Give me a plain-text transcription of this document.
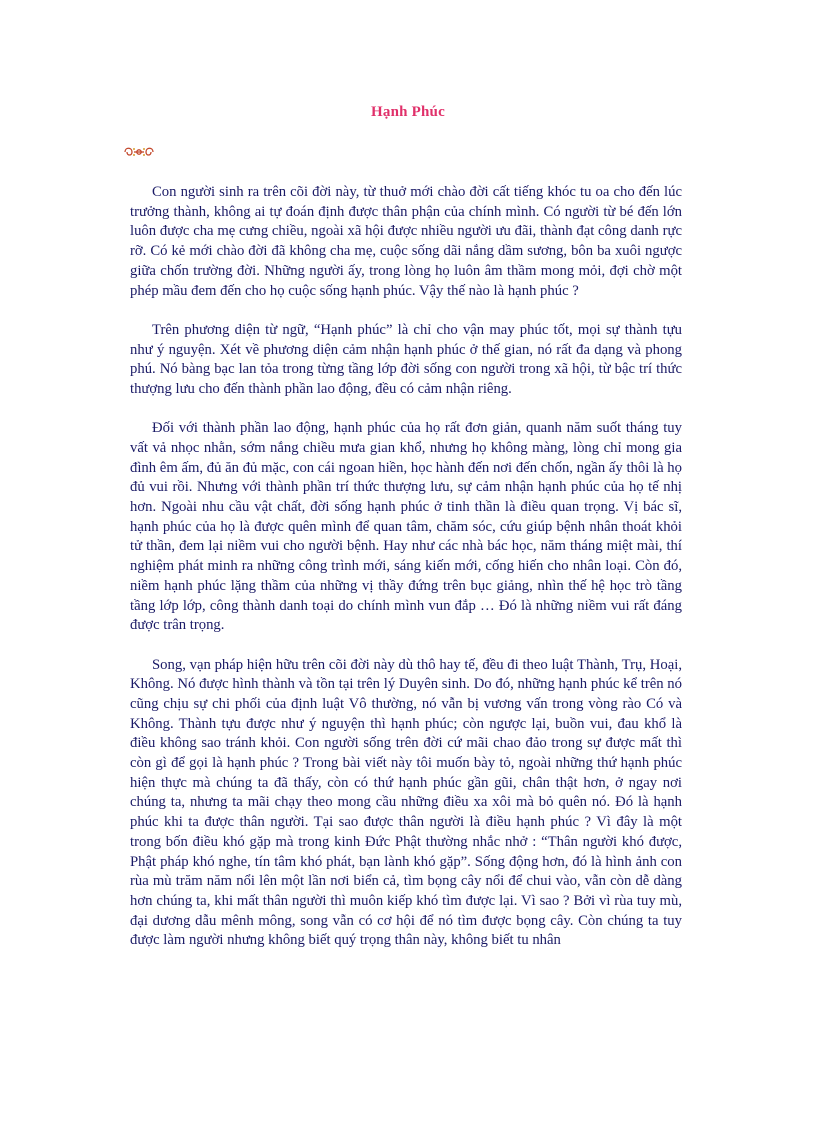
Hạnh Phúc

Con người sinh ra trên cõi đời này, từ thuở mới chào đời cất tiếng khóc tu oa cho đến lúc trưởng thành, không ai tự đoán định được thân phận của chính mình. Có người từ bé đến lớn luôn được cha mẹ cưng chiều, ngoài xã hội được nhiều người ưu đãi, thành đạt công danh rực rỡ. Có kẻ mới chào đời đã không cha mẹ, cuộc sống dãi nắng dầm sương, bôn ba xuôi ngược giữa chốn trường đời. Những người ấy, trong lòng họ luôn âm thầm mong mỏi, đợi chờ một phép mầu đem đến cho họ cuộc sống hạnh phúc. Vậy thế nào là hạnh phúc ?

Trên phương diện từ ngữ, “Hạnh phúc” là chỉ cho vận may phúc tốt, mọi sự thành tựu như ý nguyện. Xét về phương diện cảm nhận hạnh phúc ở thế gian, nó rất đa dạng và phong phú. Nó bàng bạc lan tỏa trong từng tầng lớp đời sống con người trong xã hội, từ bậc trí thức thượng lưu cho đến thành phần lao động, đều có cảm nhận riêng.

Đối với thành phần lao động, hạnh phúc của họ rất đơn giản, quanh năm suốt tháng tuy vất vả nhọc nhằn, sớm nắng chiều mưa gian khổ, nhưng họ không màng, lòng chỉ mong gia đình êm ấm, đủ ăn đủ mặc, con cái ngoan hiền, học hành đến nơi đến chốn, ngần ấy thôi là họ đủ vui rồi. Nhưng với thành phần trí thức thượng lưu, sự cảm nhận hạnh phúc của họ tế nhị hơn. Ngoài nhu cầu vật chất, đời sống hạnh phúc ở tinh thần là điều quan trọng. Vị bác sĩ, hạnh phúc của họ là được quên mình để quan tâm, chăm sóc, cứu giúp bệnh nhân thoát khỏi tử thần, đem lại niềm vui cho người bệnh. Hay như các nhà bác học, năm tháng miệt mài, thí nghiệm phát minh ra những công trình mới, sáng kiến mới, cống hiến cho nhân loại. Còn đó, niềm hạnh phúc lặng thầm của những vị thầy đứng trên bục giảng, nhìn thế hệ học trò tầng tầng lớp lớp, công thành danh toại do chính mình vun đắp … Đó là những niềm vui rất đáng được trân trọng.

Song, vạn pháp hiện hữu trên cõi đời này dù thô hay tế, đều đi theo luật Thành, Trụ, Hoại, Không. Nó được hình thành và tồn tại trên lý Duyên sinh. Do đó, những hạnh phúc kể trên nó cũng chịu sự chi phối của định luật Vô thường, nó vẫn bị vương vấn trong vòng rào Có và Không. Thành tựu được như ý nguyện thì hạnh phúc; còn ngược lại, buồn vui, đau khổ là điều không sao tránh khỏi. Con người sống trên đời cứ mãi chao đảo trong sự được mất thì còn gì để gọi là hạnh phúc ? Trong bài viết này tôi muốn bày tỏ, ngoài những thứ hạnh phúc hiện thực mà chúng ta đã thấy, còn có thứ hạnh phúc gần gũi, chân thật hơn, ở ngay nơi chúng ta, nhưng ta mãi chạy theo mong cầu những điều xa xôi mà bỏ quên nó. Đó là hạnh phúc khi ta được thân người. Tại sao được thân người là điều hạnh phúc ? Vì đây là một trong bốn điều khó gặp mà trong kinh Đức Phật thường nhắc nhở : “Thân người khó được, Phật pháp khó nghe, tín tâm khó phát, bạn lành khó gặp”. Sống động hơn, đó là hình ảnh con rùa mù trăm năm nổi lên một lần nơi biển cả, tìm bọng cây nổi để chui vào, vẫn còn dễ dàng hơn chúng ta, khi mất thân người thì muôn kiếp khó tìm được lại. Vì sao ? Bởi vì rùa tuy mù, đại dương dẫu mênh mông, song vẫn có cơ hội để nó tìm được bọng cây. Còn chúng ta tuy được làm người nhưng không biết quý trọng thân này, không biết tu nhân
